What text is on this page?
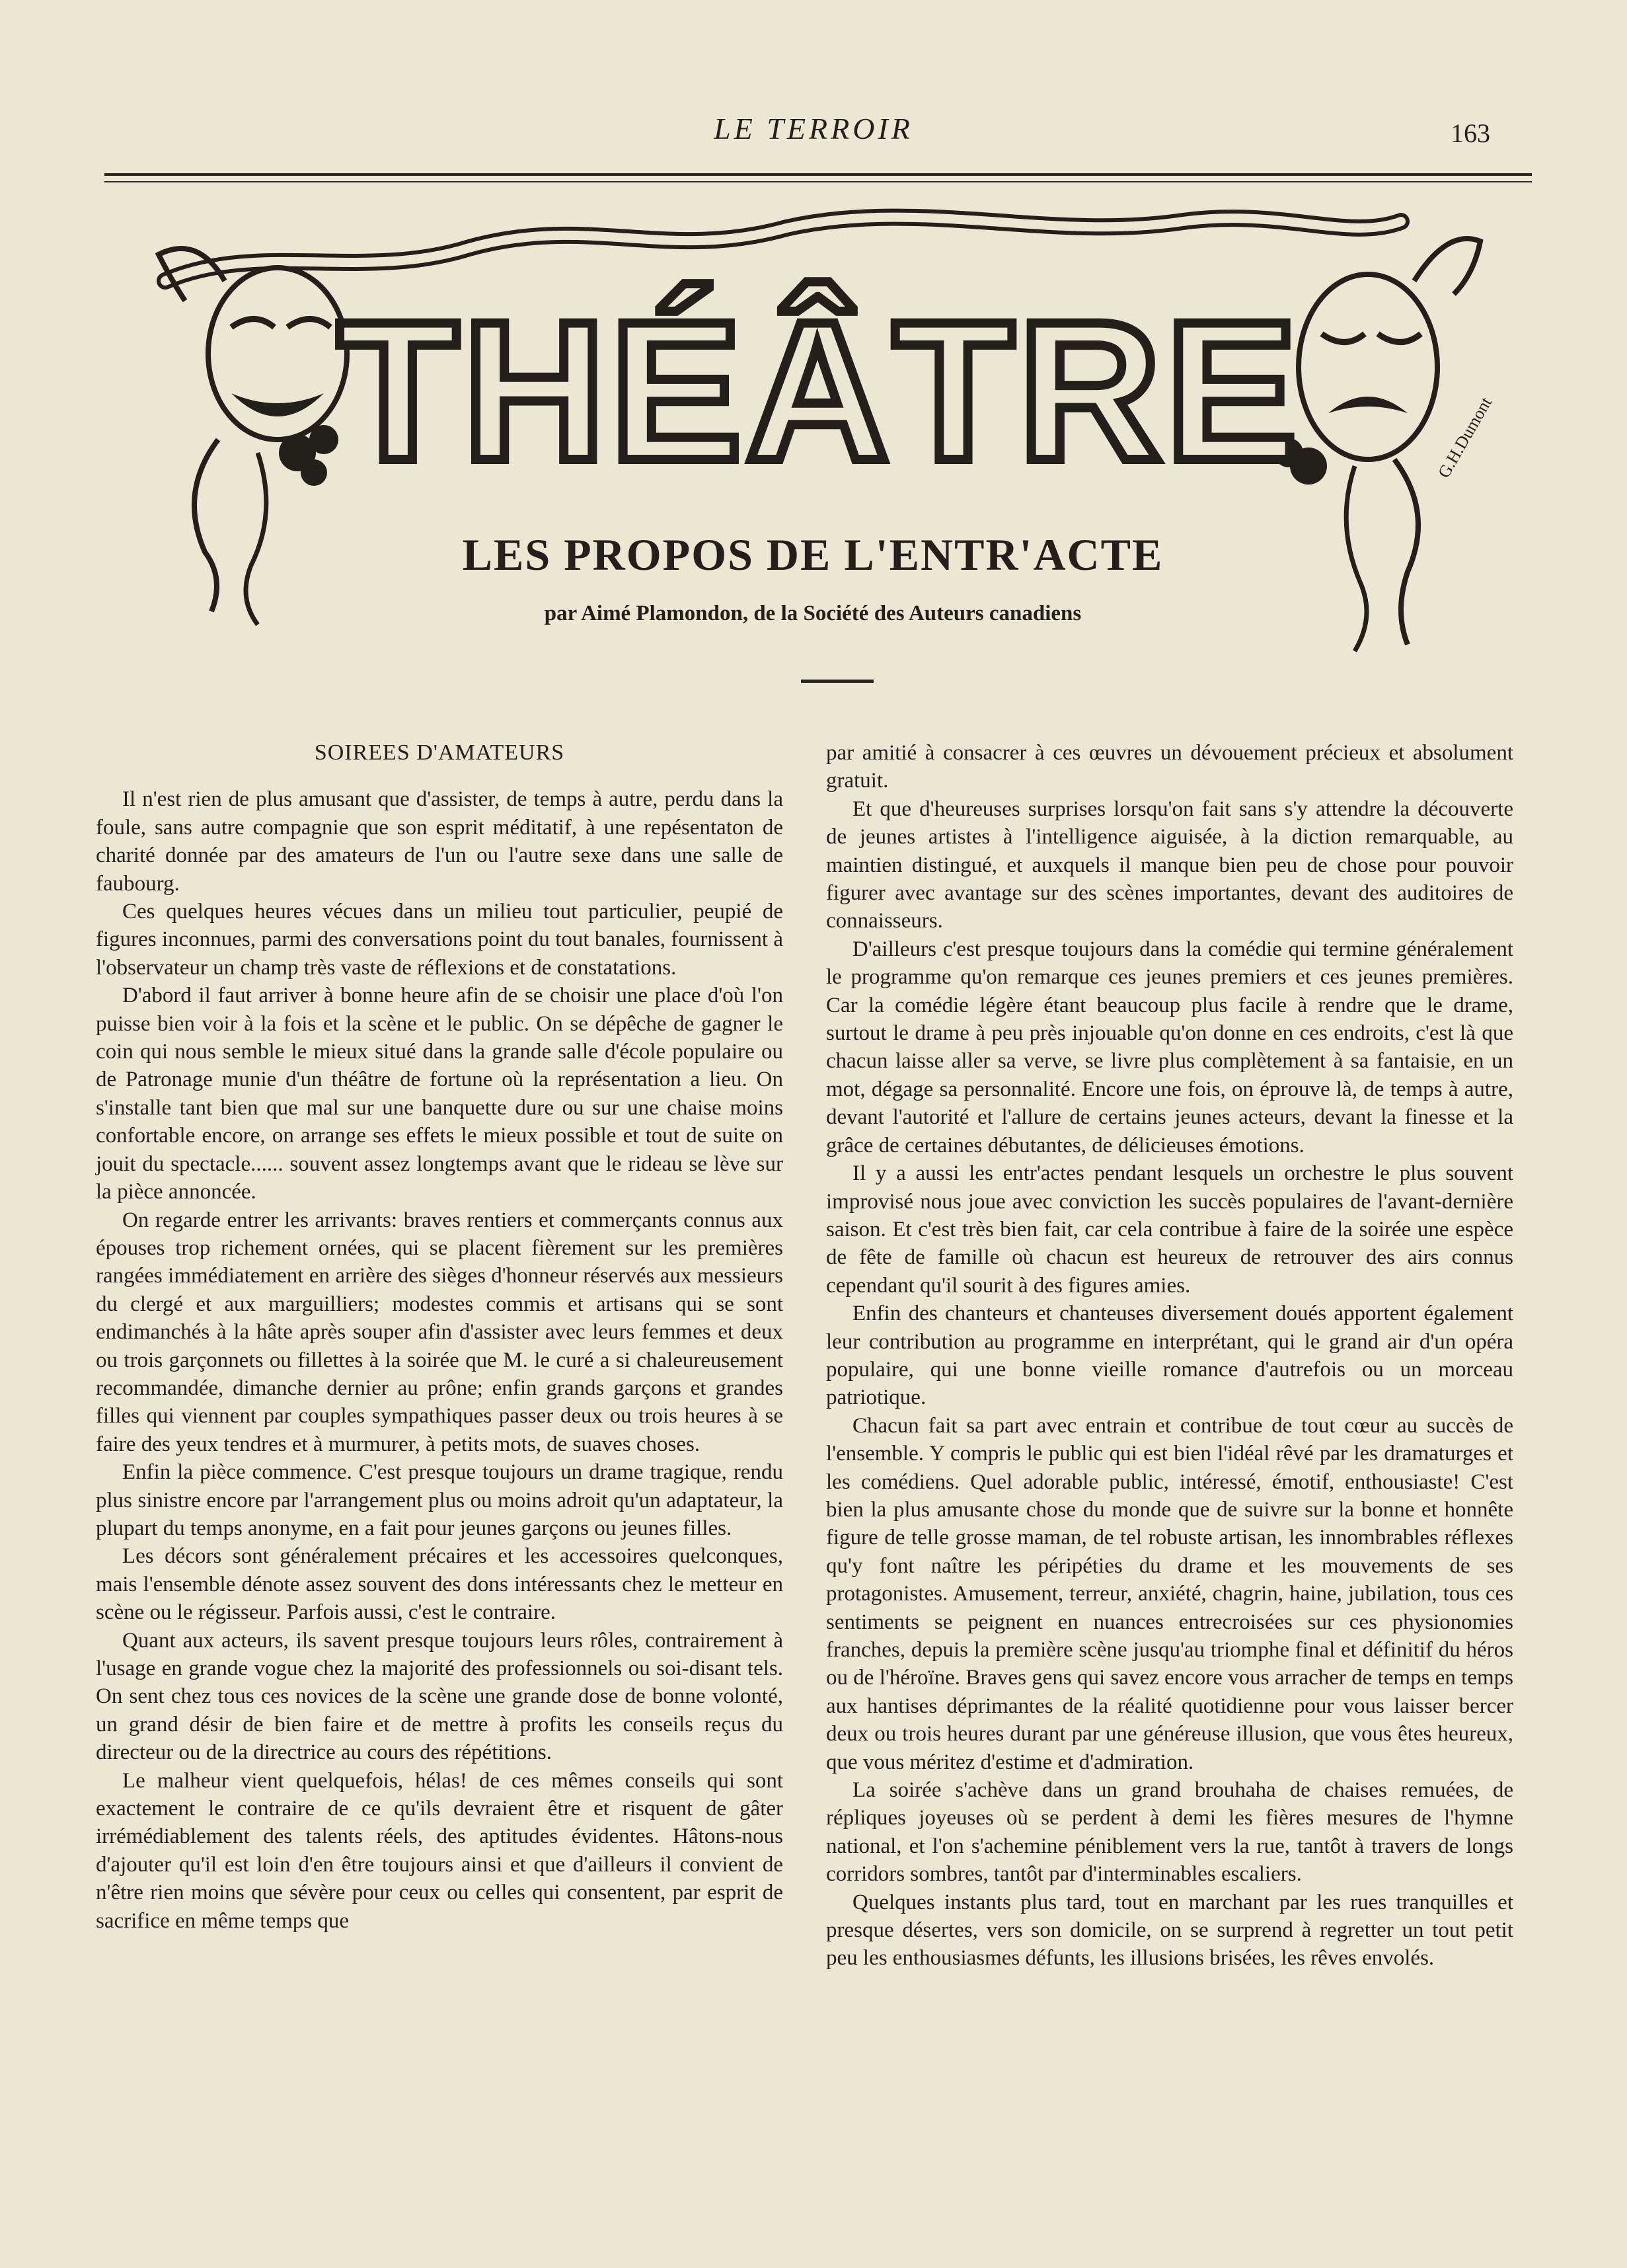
LE TERROIR	163
G.H.Dumont
THÉÂTRE
LES PROPOS DE L'ENTR'ACTE
par Aimé Plamondon, de la Société des Auteurs canadiens
SOIREES D'AMATEURS

Il n'est rien de plus amusant que d'assister, de temps à autre, perdu dans la foule, sans autre compagnie que son esprit méditatif, à une repésentaton de charité donnée par des amateurs de l'un ou l'autre sexe dans une salle de faubourg.

Ces quelques heures vécues dans un milieu tout particulier, peupié de figures inconnues, parmi des conversations point du tout banales, fournissent à l'observateur un champ très vaste de réflexions et de constatations.

D'abord il faut arriver à bonne heure afin de se choisir une place d'où l'on puisse bien voir à la fois et la scène et le public. On se dépêche de gagner le coin qui nous semble le mieux situé dans la grande salle d'école populaire ou de Patronage munie d'un théâtre de fortune où la représentation a lieu. On s'installe tant bien que mal sur une banquette dure ou sur une chaise moins confortable encore, on arrange ses effets le mieux possible et tout de suite on jouit du spectacle...... souvent assez longtemps avant que le rideau se lève sur la pièce annoncée.

On regarde entrer les arrivants: braves rentiers et commerçants connus aux épouses trop richement ornées, qui se placent fièrement sur les premières rangées immédiatement en arrière des sièges d'honneur réservés aux messieurs du clergé et aux marguilliers; modestes commis et artisans qui se sont endimanchés à la hâte après souper afin d'assister avec leurs femmes et deux ou trois garçonnets ou fillettes à la soirée que M. le curé a si chaleureusement recommandée, dimanche dernier au prône; enfin grands garçons et grandes filles qui viennent par couples sympathiques passer deux ou trois heures à se faire des yeux tendres et à murmurer, à petits mots, de suaves choses.

Enfin la pièce commence. C'est presque toujours un drame tragique, rendu plus sinistre encore par l'arrangement plus ou moins adroit qu'un adaptateur, la plupart du temps anonyme, en a fait pour jeunes garçons ou jeunes filles.

Les décors sont généralement précaires et les accessoires quelconques, mais l'ensemble dénote assez souvent des dons intéressants chez le metteur en scène ou le régisseur. Parfois aussi, c'est le contraire.

Quant aux acteurs, ils savent presque toujours leurs rôles, contrairement à l'usage en grande vogue chez la majorité des professionnels ou soi-disant tels. On sent chez tous ces novices de la scène une grande dose de bonne volonté, un grand désir de bien faire et de mettre à profits les conseils reçus du directeur ou de la directrice au cours des répétitions.

Le malheur vient quelquefois, hélas! de ces mêmes conseils qui sont exactement le contraire de ce qu'ils devraient être et risquent de gâter irrémédiablement des talents réels, des aptitudes évidentes. Hâtons-nous d'ajouter qu'il est loin d'en être toujours ainsi et que d'ailleurs il convient de n'être rien moins que sévère pour ceux ou celles qui consentent, par esprit de sacrifice en même temps que

par amitié à consacrer à ces œuvres un dévouement précieux et absolument gratuit.

Et que d'heureuses surprises lorsqu'on fait sans s'y attendre la découverte de jeunes artistes à l'intelligence aiguisée, à la diction remarquable, au maintien distingué, et auxquels il manque bien peu de chose pour pouvoir figurer avec avantage sur des scènes importantes, devant des auditoires de connaisseurs.

D'ailleurs c'est presque toujours dans la comédie qui termine généralement le programme qu'on remarque ces jeunes premiers et ces jeunes premières. Car la comédie légère étant beaucoup plus facile à rendre que le drame, surtout le drame à peu près injouable qu'on donne en ces endroits, c'est là que chacun laisse aller sa verve, se livre plus complètement à sa fantaisie, en un mot, dégage sa personnalité. Encore une fois, on éprouve là, de temps à autre, devant l'autorité et l'allure de certains jeunes acteurs, devant la finesse et la grâce de certaines débutantes, de délicieuses émotions.

Il y a aussi les entr'actes pendant lesquels un orchestre le plus souvent improvisé nous joue avec conviction les succès populaires de l'avant-dernière saison. Et c'est très bien fait, car cela contribue à faire de la soirée une espèce de fête de famille où chacun est heureux de retrouver des airs connus cependant qu'il sourit à des figures amies.

Enfin des chanteurs et chanteuses diversement doués apportent également leur contribution au programme en interprétant, qui le grand air d'un opéra populaire, qui une bonne vieille romance d'autrefois ou un morceau patriotique.

Chacun fait sa part avec entrain et contribue de tout cœur au succès de l'ensemble. Y compris le public qui est bien l'idéal rêvé par les dramaturges et les comédiens. Quel adorable public, intéressé, émotif, enthousiaste! C'est bien la plus amusante chose du monde que de suivre sur la bonne et honnête figure de telle grosse maman, de tel robuste artisan, les innombrables réflexes qu'y font naître les péripéties du drame et les mouvements de ses protagonistes. Amusement, terreur, anxiété, chagrin, haine, jubilation, tous ces sentiments se peignent en nuances entrecroisées sur ces physionomies franches, depuis la première scène jusqu'au triomphe final et définitif du héros ou de l'héroïne. Braves gens qui savez encore vous arracher de temps en temps aux hantises déprimantes de la réalité quotidienne pour vous laisser bercer deux ou trois heures durant par une généreuse illusion, que vous êtes heureux, que vous méritez d'estime et d'admiration.

La soirée s'achève dans un grand brouhaha de chaises remuées, de répliques joyeuses où se perdent à demi les fières mesures de l'hymne national, et l'on s'achemine péniblement vers la rue, tantôt à travers de longs corridors sombres, tantôt par d'interminables escaliers.

Quelques instants plus tard, tout en marchant par les rues tranquilles et presque désertes, vers son domicile, on se surprend à regretter un tout petit peu les enthousiasmes défunts, les illusions brisées, les rêves envolés.
